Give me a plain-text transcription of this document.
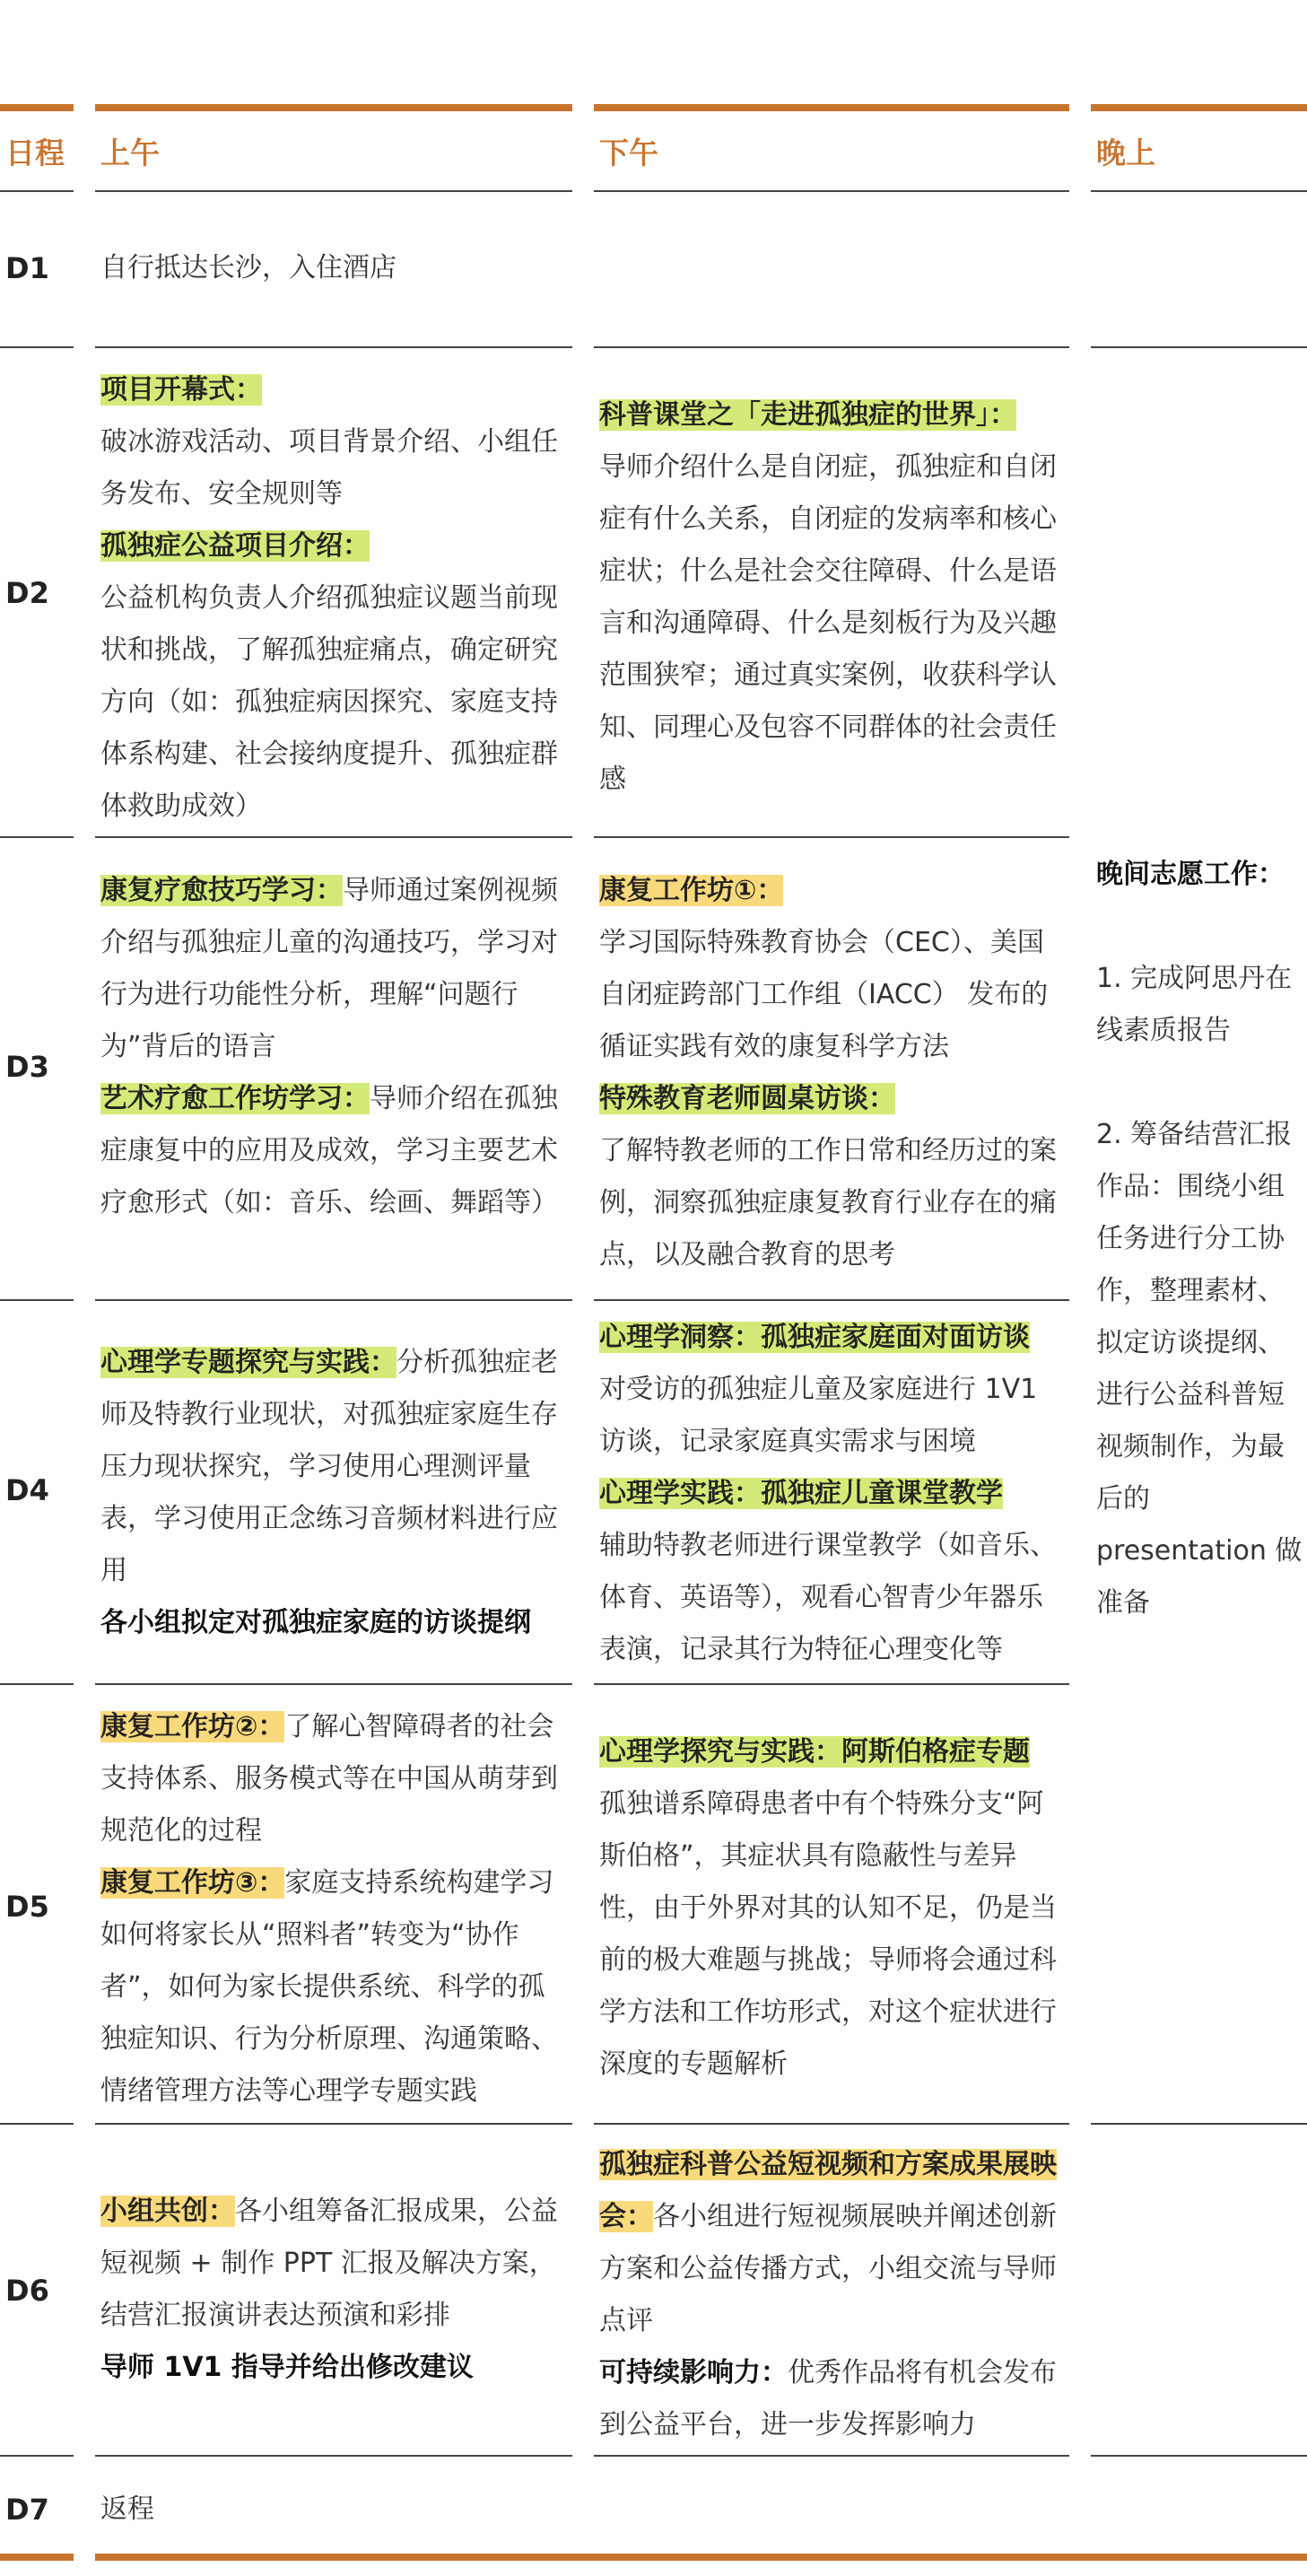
日程 上午	下午	晚上
D1 自行抵达长沙，入住酒店

D2

项目开幕式：

破冰游戏活动、项目背景介绍、小组任务发布、安全规则等

孤独症公益项目介绍：

公益机构负责人介绍孤独症议题当前现状和挑战，了解孤独症痛点，确定研究方向（如：孤独症病因探究、家庭支持体系构建、社会接纳度提升、孤独症群体救助成效）

科普课堂之「走进孤独症的世界」：

导师介绍什么是自闭症，孤独症和自闭症有什么关系，自闭症的发病率和核心症状；什么是社会交往障碍、什么是语言和沟通障碍、什么是刻板行为及兴趣范围狭窄；通过真实案例，收获科学认知、同理心及包容不同群体的社会责任感

D3

康复疗愈技巧学习：导师通过案例视频介绍与孤独症儿童的沟通技巧，学习对行为进行功能性分析，理解“问题行为”背后的语言

艺术疗愈工作坊学习：导师介绍在孤独症康复中的应用及成效，学习主要艺术疗愈形式（如：音乐、绘画、舞蹈等）

康复工作坊①：

学习国际特殊教育协会（CEC）、美国自闭症跨部门工作组（IACC） 发布的循证实践有效的康复科学方法

特殊教育老师圆桌访谈：

了解特教老师的工作日常和经历过的案例，洞察孤独症康复教育行业存在的痛点，以及融合教育的思考

晚间志愿工作：

1. 完成阿思丹在线素质报告

2. 筹备结营汇报作品：围绕小组任务进行分工协作，整理素材、拟定访谈提纲、进行公益科普短视频制作，为最后的 presentation 做准备

D4

心理学专题探究与实践：分析孤独症老师及特教行业现状，对孤独症家庭生存压力现状探究，学习使用心理测评量表，学习使用正念练习音频材料进行应用

各小组拟定对孤独症家庭的访谈提纲

心理学洞察：孤独症家庭面对面访谈

对受访的孤独症儿童及家庭进行 1V1 访谈，记录家庭真实需求与困境

心理学实践：孤独症儿童课堂教学

辅助特教老师进行课堂教学（如音乐、体育、英语等），观看心智青少年器乐表演，记录其行为特征心理变化等

D5

康复工作坊②：了解心智障碍者的社会支持体系、服务模式等在中国从萌芽到规范化的过程

康复工作坊③：家庭支持系统构建学习如何将家长从“照料者”转变为“协作者”，如何为家长提供系统、科学的孤独症知识、行为分析原理、沟通策略、情绪管理方法等心理学专题实践

心理学探究与实践：阿斯伯格症专题

孤独谱系障碍患者中有个特殊分支“阿斯伯格”，其症状具有隐蔽性与差异性，由于外界对其的认知不足，仍是当前的极大难题与挑战；导师将会通过科学方法和工作坊形式，对这个症状进行深度的专题解析

D6

小组共创：各小组筹备汇报成果，公益短视频 + 制作 PPT 汇报及解决方案，结营汇报演讲表达预演和彩排

导师 1V1 指导并给出修改建议

孤独症科普公益短视频和方案成果展映会：各小组进行短视频展映并阐述创新方案和公益传播方式，小组交流与导师点评

可持续影响力：优秀作品将有机会发布到公益平台，进一步发挥影响力

D7 返程
